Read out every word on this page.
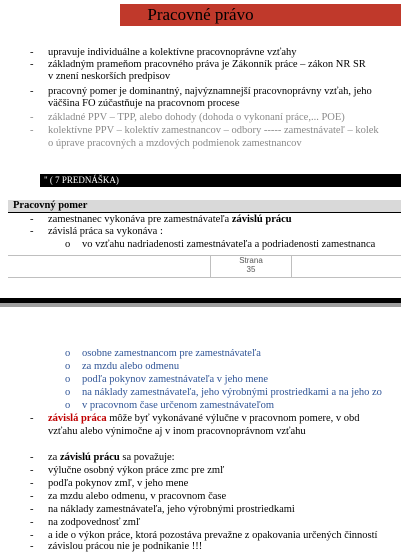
Pracovné právo
- upravuje individuálne a kolektívne pracovnoprávne vzťahy
- základným prameňom pracovného práva je Zákonník práce – zákon NR SR
v znení neskorších predpisov
- pracovný pomer je dominantný, najvýznamnejší pracovnoprávny vzťah, jeho
väčšina FO zúčastňuje na pracovnom procese
- základné PPV – TPP, alebo dohody (dohoda o vykonaní práce,... POE)
- kolektívne PPV – kolektív zamestnancov – odbory ----- zamestnávateľ – kolek
o úprave pracovných a mzdových podmienok zamestnancov
" ( 7 PREDNÁŠKA)
Pracovný pomer
- zamestnanec vykonáva pre zamestnávateľa závislú prácu
- závislá práca sa vykonáva :
o vo vzťahu nadriadenosti zamestnávateľa a podriadenosti zamestnanca
Strana
35
o osobne zamestnancom pre zamestnávateľa
o za mzdu alebo odmenu
o podľa pokynov zamestnávateľa v jeho mene
o na náklady zamestnávateľa, jeho výrobnými prostriedkami a na jeho zo
o v pracovnom čase určenom zamestnávateľom
- závislá práca môže byť vykonávané výlučne v pracovnom pomere, v obd
vzťahu alebo výnimočne aj v inom pracovnoprávnom vzťahu
- za závislú prácu sa považuje:
- výlučne osobný výkon práce zmc pre zmľ
- podľa pokynov zmľ, v jeho mene
- za mzdu alebo odmenu, v pracovnom čase
- na náklady zamestnávateľa, jeho výrobnými prostriedkami
- na zodpovednosť zmľ
- a ide o výkon práce, ktorá pozostáva prevažne z opakovania určených činností
- závislou prácou nie je podnikanie !!!
